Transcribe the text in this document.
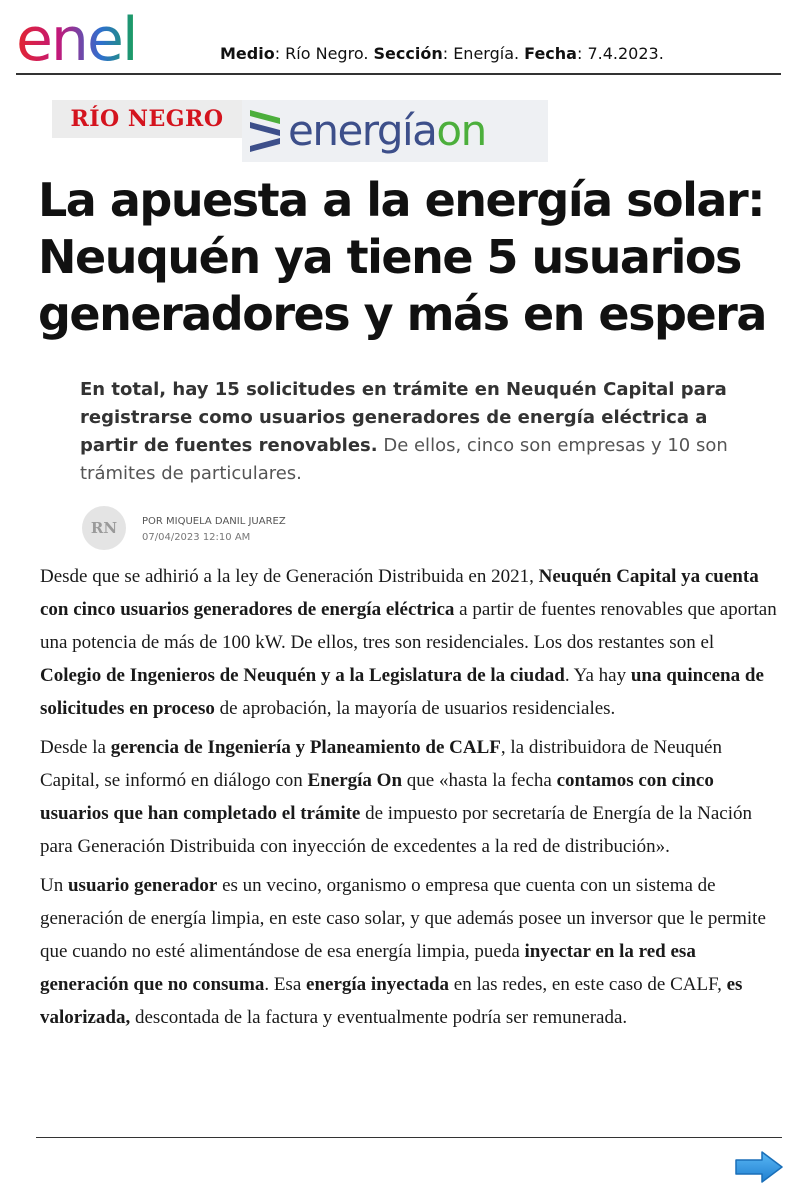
enel	Medio: Río Negro. Sección: Energía. Fecha: 7.4.2023.
RÍO NEGRO energíaon
La apuesta a la energía solar: Neuquén ya tiene 5 usuarios generadores y más en espera

En total, hay 15 solicitudes en trámite en Neuquén Capital para registrarse como usuarios generadores de energía eléctrica a partir de fuentes renovables. De ellos, cinco son empresas y 10 son trámites de particulares.

RN	POR MIQUELA DANIL JUAREZ
07/04/2023 12:10 AM

Desde que se adhirió a la ley de Generación Distribuida en 2021, Neuquén Capital ya cuenta con cinco usuarios generadores de energía eléctrica a partir de fuentes renovables que aportan una potencia de más de 100 kW. De ellos, tres son residenciales. Los dos restantes son el Colegio de Ingenieros de Neuquén y a la Legislatura de la ciudad. Ya hay una quincena de solicitudes en proceso de aprobación, la mayoría de usuarios residenciales.

Desde la gerencia de Ingeniería y Planeamiento de CALF, la distribuidora de Neuquén Capital, se informó en diálogo con Energía On que «hasta la fecha contamos con cinco usuarios que han completado el trámite de impuesto por secretaría de Energía de la Nación para Generación Distribuida con inyección de excedentes a la red de distribución».

Un usuario generador es un vecino, organismo o empresa que cuenta con un sistema de generación de energía limpia, en este caso solar, y que además posee un inversor que le permite que cuando no esté alimentándose de esa energía limpia, pueda inyectar en la red esa generación que no consuma. Esa energía inyectada en las redes, en este caso de CALF, es valorizada, descontada de la factura y eventualmente podría ser remunerada.
